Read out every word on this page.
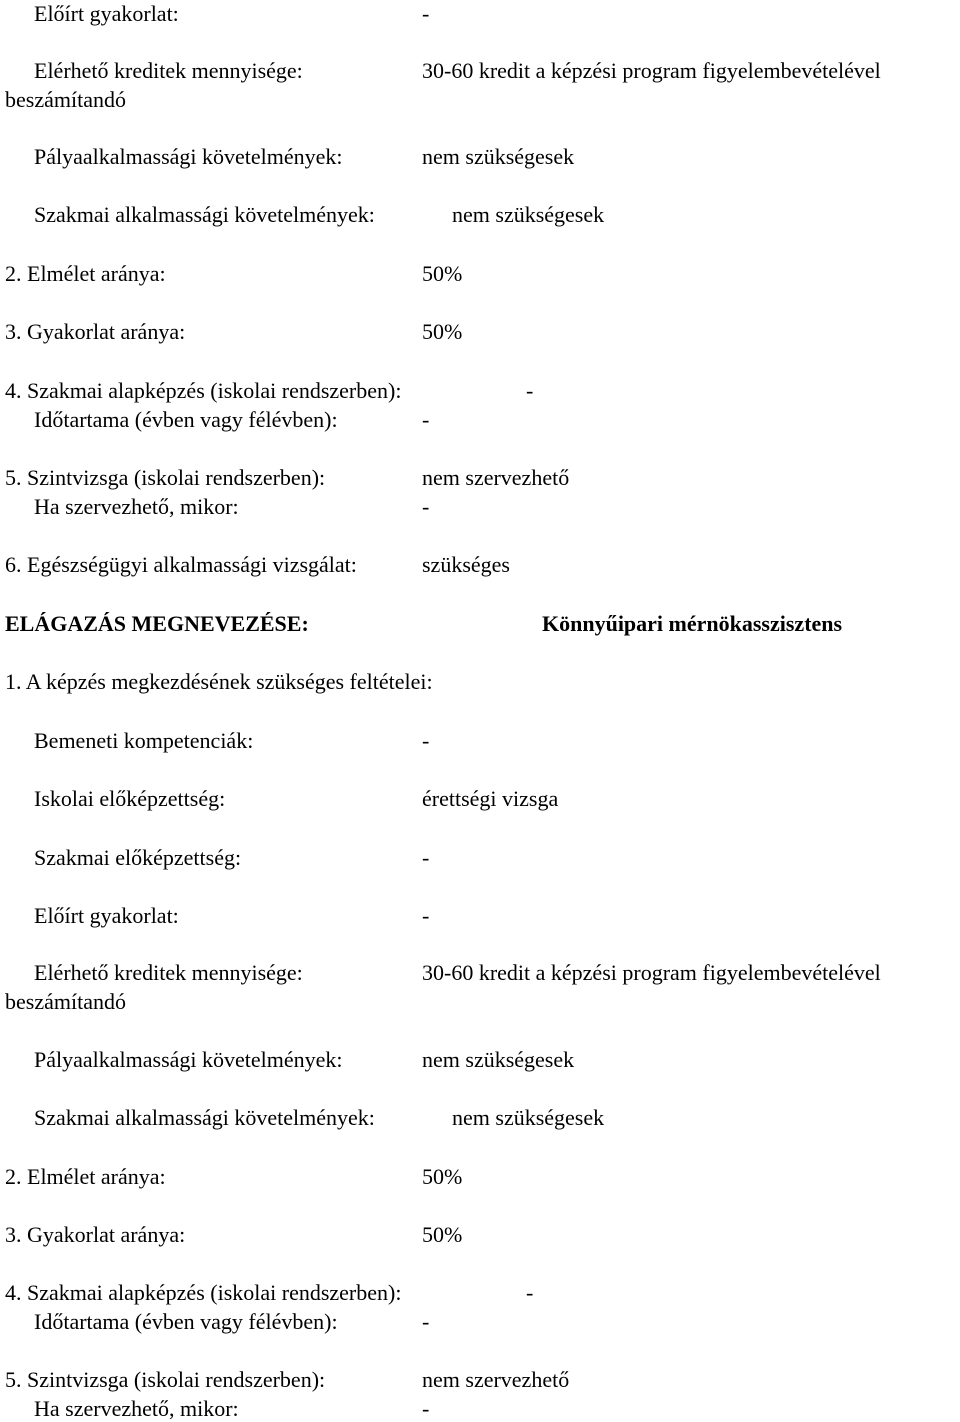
Előírt gyakorlat:	-
Elérhető kreditek mennyisége:	30-60 kredit a képzési program figyelembevételével
beszámítandó
Pályaalkalmassági követelmények:	nem szükségesek
Szakmai alkalmassági követelmények:	nem szükségesek
2. Elmélet aránya:	50%
3. Gyakorlat aránya:	50%
4. Szakmai alapképzés (iskolai rendszerben):	-
Időtartama (évben vagy félévben):	-
5. Szintvizsga (iskolai rendszerben):	nem szervezhető
Ha szervezhető, mikor:	-
6. Egészségügyi alkalmassági vizsgálat:	szükséges
ELÁGAZÁS MEGNEVEZÉSE:	Könnyűipari mérnökasszisztens
1. A képzés megkezdésének szükséges feltételei:
Bemeneti kompetenciák:	-
Iskolai előképzettség:	érettségi vizsga
Szakmai előképzettség:	-
Előírt gyakorlat:	-
Elérhető kreditek mennyisége:	30-60 kredit a képzési program figyelembevételével
beszámítandó
Pályaalkalmassági követelmények:	nem szükségesek
Szakmai alkalmassági követelmények:	nem szükségesek
2. Elmélet aránya:	50%
3. Gyakorlat aránya:	50%
4. Szakmai alapképzés (iskolai rendszerben):	-
Időtartama (évben vagy félévben):	-
5. Szintvizsga (iskolai rendszerben):	nem szervezhető
Ha szervezhető, mikor:	-
